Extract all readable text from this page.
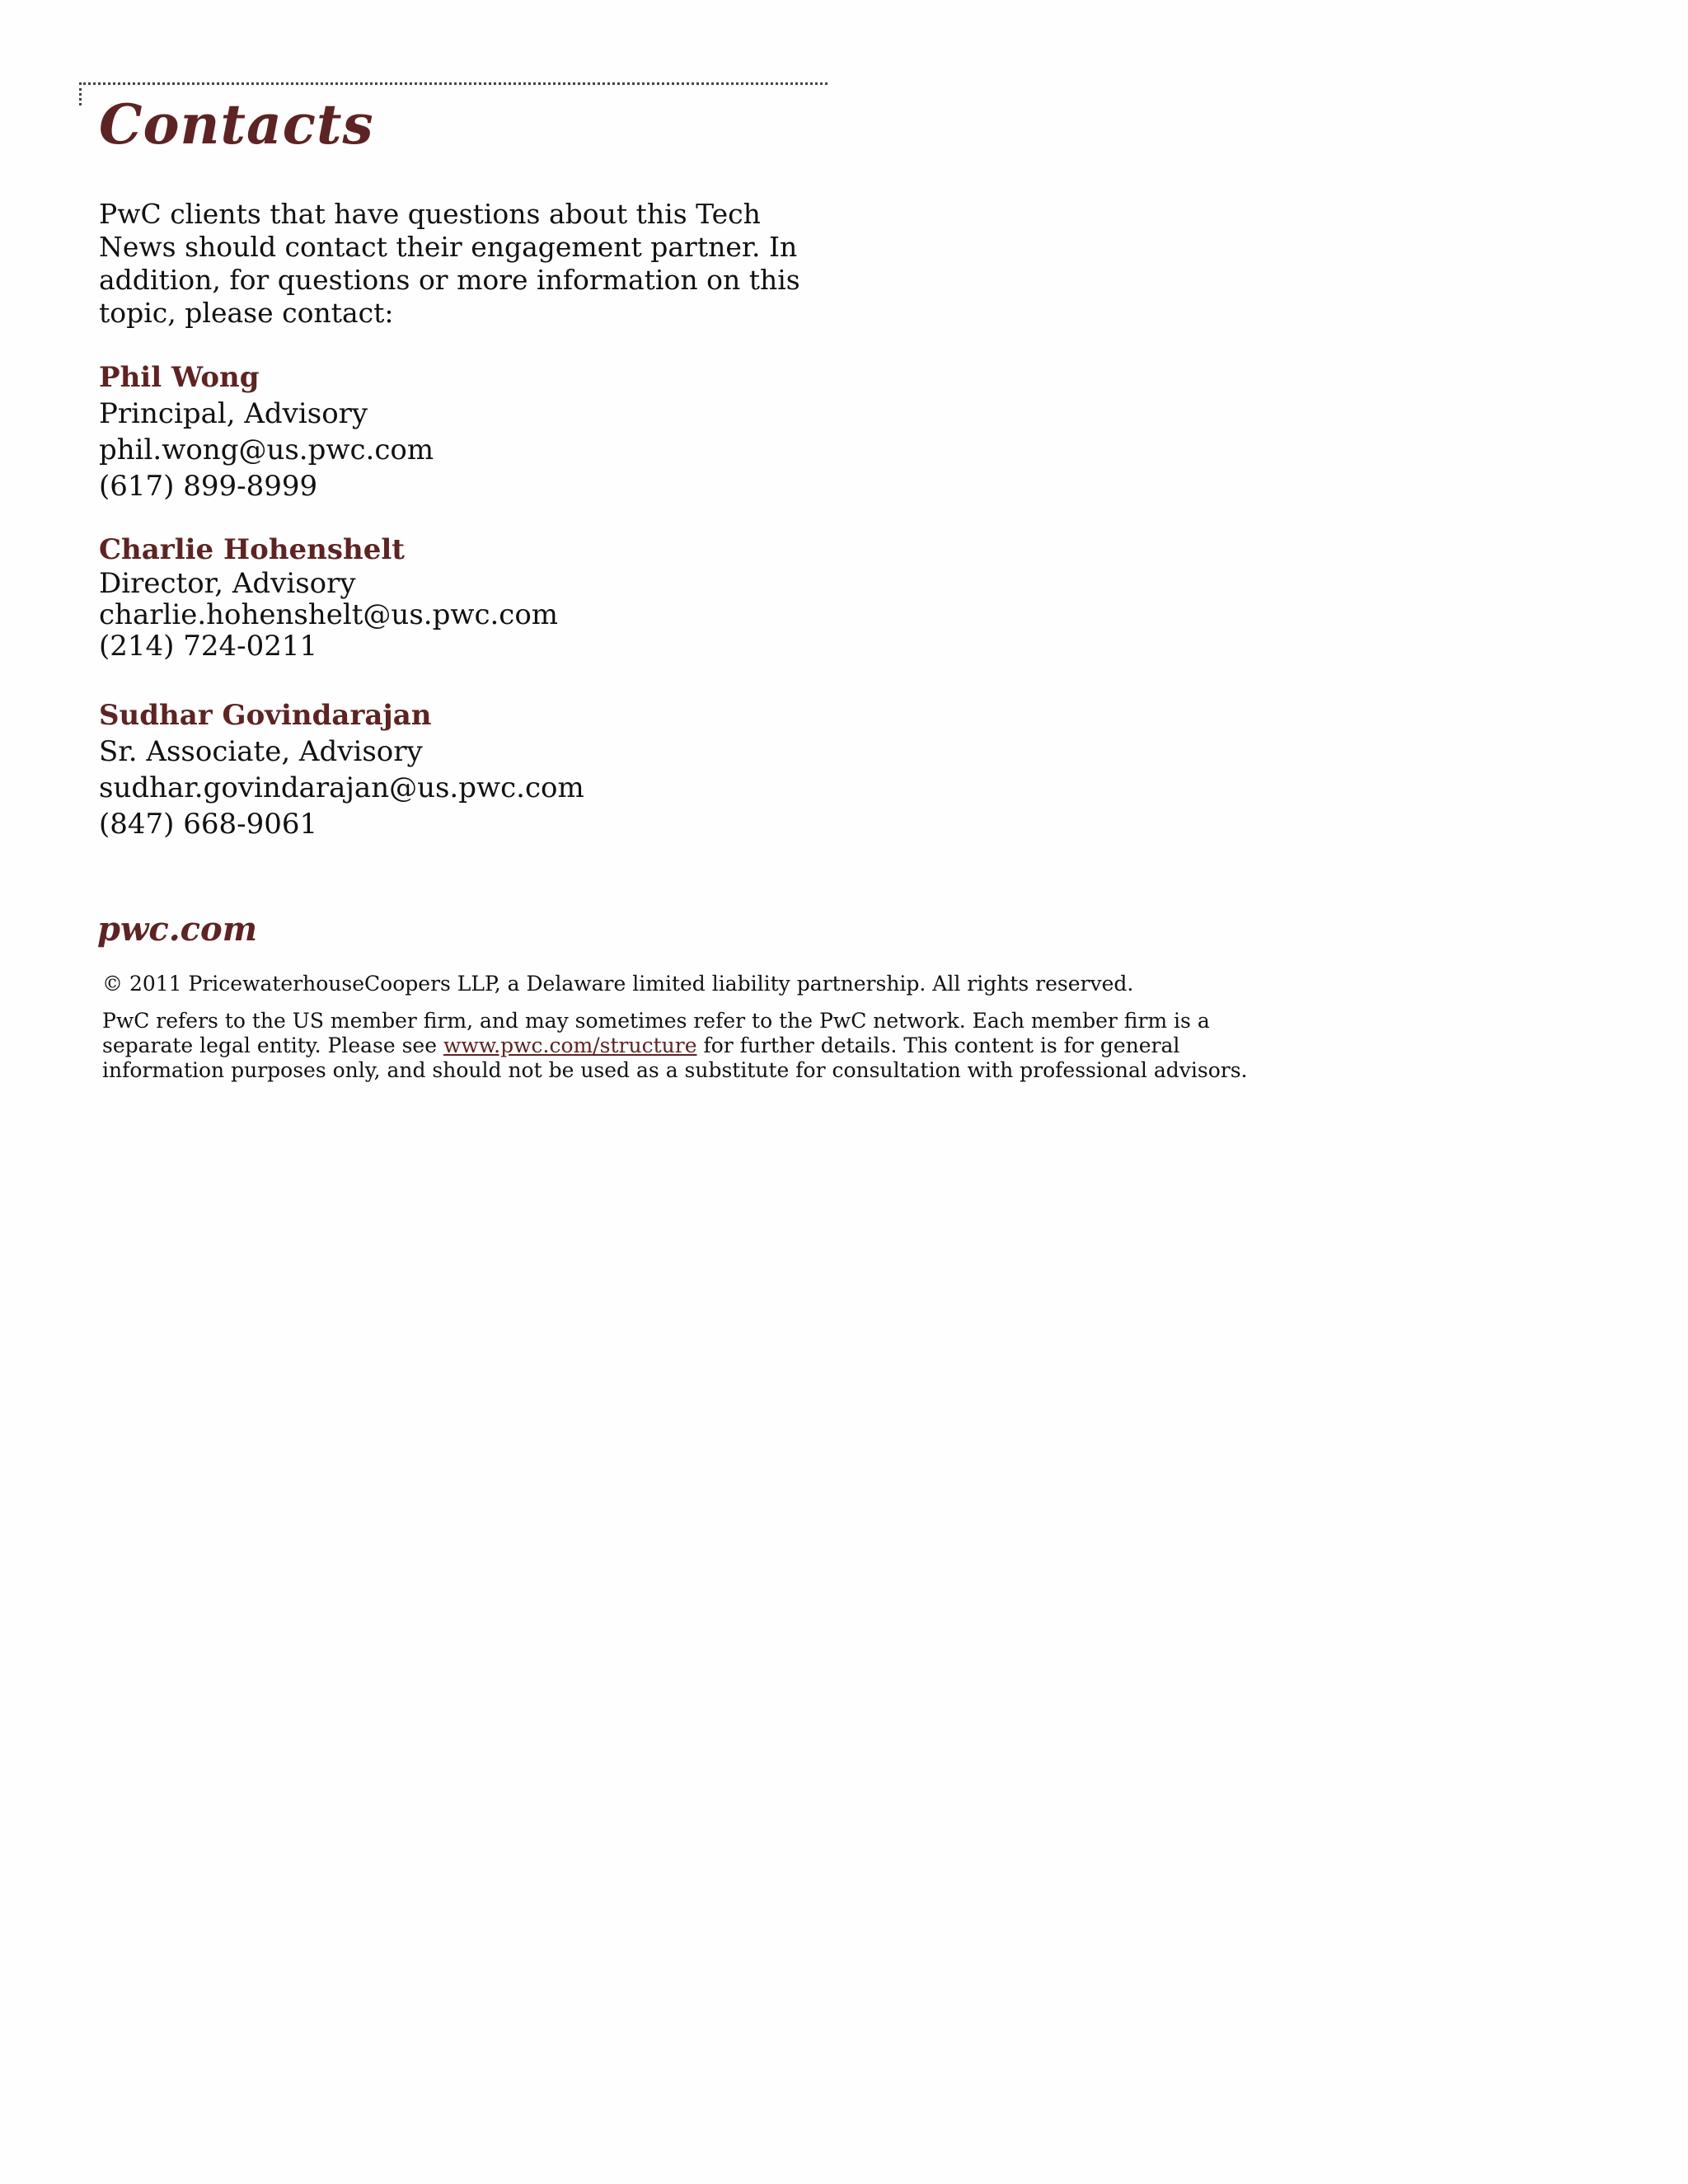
Contacts

PwC clients that have questions about this Tech News should contact their engagement partner. In addition, for questions or more information on this topic, please contact:

Phil Wong
Principal, Advisory
phil.wong@us.pwc.com
(617) 899-8999
Charlie Hohenshelt
Director, Advisory
charlie.hohenshelt@us.pwc.com
(214) 724-0211
Sudhar Govindarajan
Sr. Associate, Advisory
sudhar.govindarajan@us.pwc.com
(847) 668-9061
pwc.com
© 2011 PricewaterhouseCoopers LLP, a Delaware limited liability partnership. All rights reserved.

PwC refers to the US member firm, and may sometimes refer to the PwC network. Each member firm is a separate legal entity. Please see www.pwc.com/structure for further details. This content is for general information purposes only, and should not be used as a substitute for consultation with professional advisors.
